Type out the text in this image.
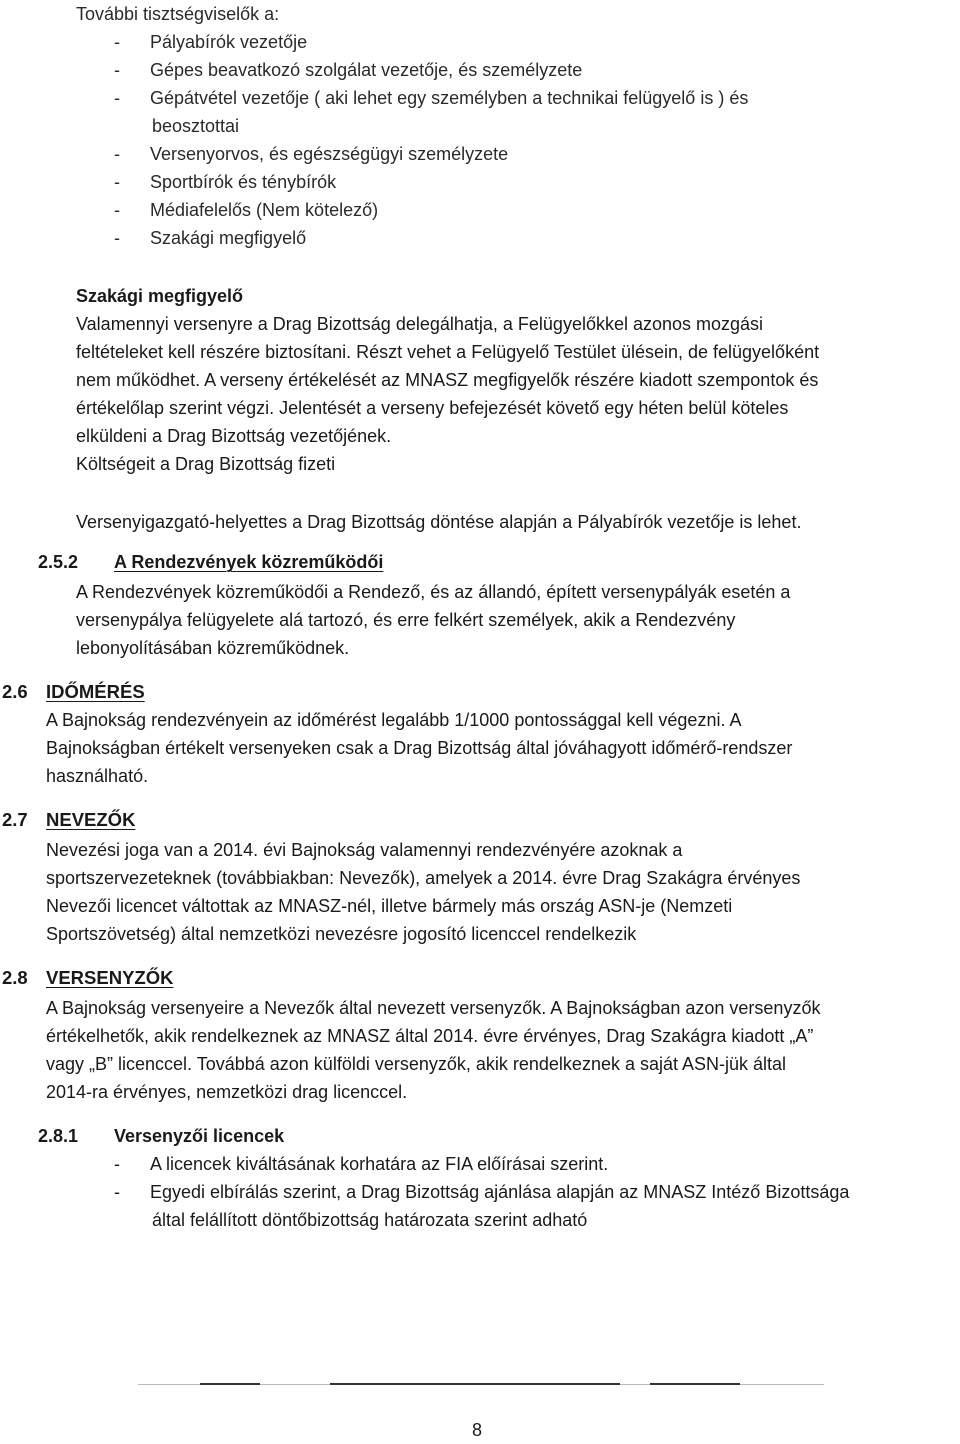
További tisztségviselők a:
- Pályabírók vezetője
- Gépes beavatkozó szolgálat vezetője, és személyzete
- Gépátvétel vezetője ( aki lehet egy személyben a technikai felügyelő is ) és
beosztottai
- Versenyorvos, és egészségügyi személyzete
- Sportbírók és ténybírók
- Médiafelelős (Nem kötelező)
- Szakági megfigyelő
Szakági megfigyelő
Valamennyi versenyre a Drag Bizottság delegálhatja, a Felügyelőkkel azonos mozgási
feltételeket kell részére biztosítani. Részt vehet a Felügyelő Testület ülésein, de felügyelőként
nem működhet. A verseny értékelését az MNASZ megfigyelők részére kiadott szempontok és
értékelőlap szerint végzi. Jelentését a verseny befejezését követő egy héten belül köteles
elküldeni a Drag Bizottság vezetőjének.
Költségeit a Drag Bizottság fizeti
Versenyigazgató-helyettes a Drag Bizottság döntése alapján a Pályabírók vezetője is lehet.
2.5.2 A Rendezvények közreműködői
A Rendezvények közreműködői a Rendező, és az állandó, épített versenypályák esetén a
versenypálya felügyelete alá tartozó, és erre felkért személyek, akik a Rendezvény
lebonyolításában közreműködnek.
2.6 IDŐMÉRÉS
A Bajnokság rendezvényein az időmérést legalább 1/1000 pontossággal kell végezni. A
Bajnokságban értékelt versenyeken csak a Drag Bizottság által jóváhagyott időmérő-rendszer
használható.
2.7 NEVEZŐK
Nevezési joga van a 2014. évi Bajnokság valamennyi rendezvényére azoknak a
sportszervezeteknek (továbbiakban: Nevezők), amelyek a 2014. évre Drag Szakágra érvényes
Nevezői licencet váltottak az MNASZ-nél, illetve bármely más ország ASN-je (Nemzeti
Sportszövetség) által nemzetközi nevezésre jogosító licenccel rendelkezik
2.8 VERSENYZŐK
A Bajnokság versenyeire a Nevezők által nevezett versenyzők. A Bajnokságban azon versenyzők
értékelhetők, akik rendelkeznek az MNASZ által 2014. évre érvényes, Drag Szakágra kiadott „A”
vagy „B” licenccel. Továbbá azon külföldi versenyzők, akik rendelkeznek a saját ASN-jük által
2014-ra érvényes, nemzetközi drag licenccel.
2.8.1 Versenyzői licencek
- A licencek kiváltásának korhatára az FIA előírásai szerint.
- Egyedi elbírálás szerint, a Drag Bizottság ajánlása alapján az MNASZ Intéző Bizottsága
által felállított döntőbizottság határozata szerint adható
8
